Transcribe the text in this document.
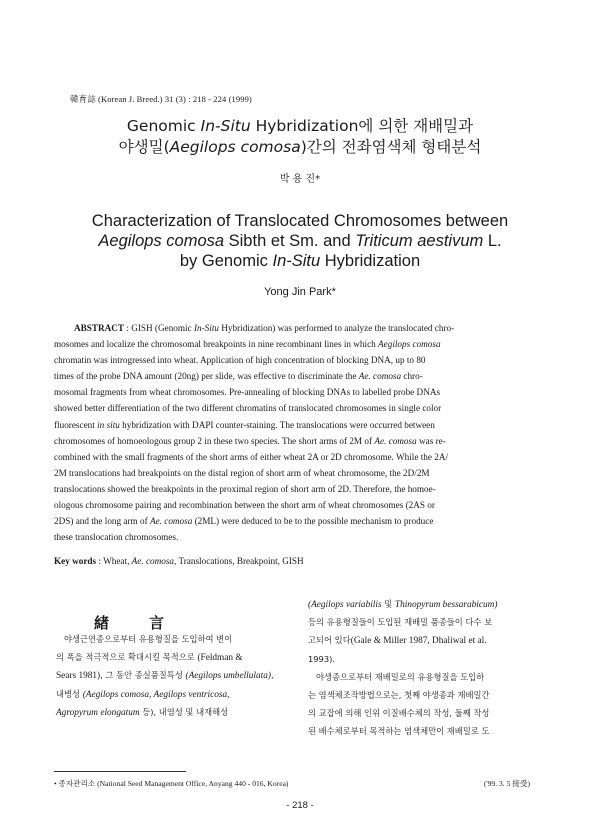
韓育誌 (Korean J. Breed.) 31 (3) : 218 - 224 (1999)
Genomic In-Situ Hybridization에 의한 재배밀과
야생밀(Aegilops comosa)간의 전좌염색체 형태분석
박 용 진*
Characterization of Translocated Chromosomes between
Aegilops comosa Sibth et Sm. and Triticum aestivum L.
by Genomic In-Situ Hybridization
Yong Jin Park*
ABSTRACT : GISH (Genomic In-Situ Hybridization) was performed to analyze the translocated chro-
mosomes and localize the chromosomal breakpoints in nine recombinant lines in which Aegilops comosa
chromatin was introgressed into wheat. Application of high concentration of blocking DNA, up to 80
times of the probe DNA amount (20ng) per slide, was effective to discriminate the Ae. comosa chro-
mosomal fragments from wheat chromosomes. Pre-annealing of blocking DNAs to labelled probe DNAs
showed better differentiation of the two different chromatins of translocated chromosomes in single color
fluorescent in situ hybridization with DAPI counter-staining. The translocations were occurred between
chromosomes of homoeologous group 2 in these two species. The short arms of 2M of Ae. comosa was re-
combined with the small fragments of the short arms of either wheat 2A or 2D chromosome. While the 2A/
2M translocations had breakpoints on the distal region of short arm of wheat chromosome, the 2D/2M
translocations showed the breakpoints in the proximal region of short arm of 2D. Therefore, the homoe-
ologous chromosome pairing and recombination between the short arm of wheat chromosomes (2AS or
2DS) and the long arm of Ae. comosa (2ML) were deduced to be to the possible mechanism to produce
these translocation chromosomes.
Key words : Wheat, Ae. comosa, Translocations, Breakpoint, GISH
緖言
야생근연종으로부터 유용형질을 도입하여 변이
의 폭을 적극적으로 확대시킬 목적으로 (Feldman &
Sears 1981), 그 동안 종실품질특성 (Aegilops umbellulata),
내병성 (Aegilops comosa, Aegilops ventricosa,
Agropyrum elongatum 등), 내염성 및 내재해성
(Aegilops variabilis 및 Thinopyrum bessarabicum)
등의 유용형질들이 도입된 재배밀 품종들이 다수 보
고되어 있다(Gale & Miller 1987, Dhaliwal et al.
1993).
야생종으로부터 재배밀로의 유용형질을 도입하
는 염색체조작방법으로는, 첫째 야생종과 재배밀간
의 교잡에 의해 인위 이질배수체의 작성, 둘째 작성
된 배수체로부터 목적하는 염색체만이 재배밀로 도
• 종자관리소 (National Seed Management Office, Anyang 440 - 016, Korea)	('99. 3. 5 接受)
- 218 -
